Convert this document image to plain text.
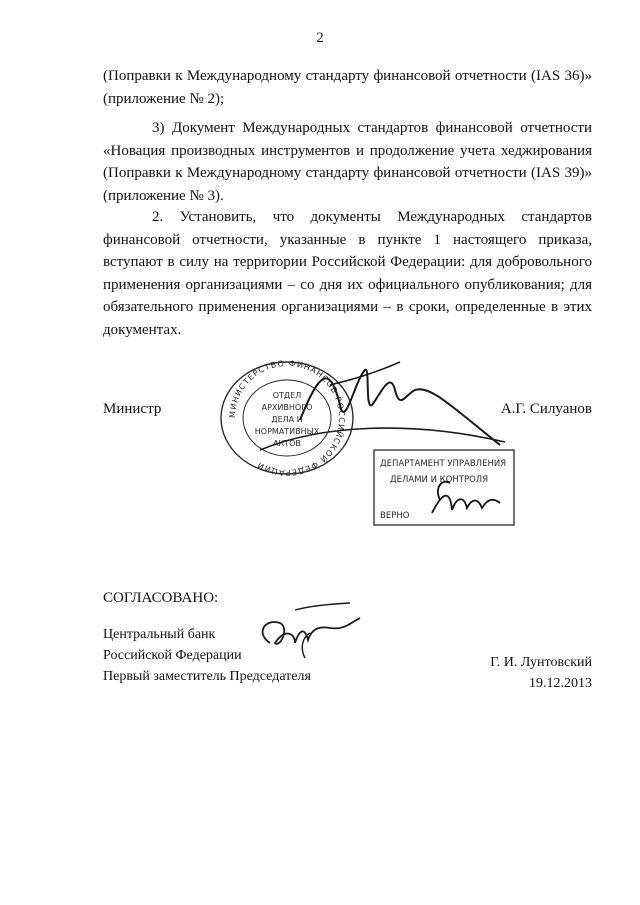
2

(Поправки к Международному стандарту финансовой отчетности (IAS 36)» (приложение № 2);

3) Документ Международных стандартов финансовой отчетности «Новация производных инструментов и продолжение учета хеджирования (Поправки к Международному стандарту финансовой отчетности (IAS 39)» (приложение № 3).

2. Установить, что документы Международных стандартов финансовой отчетности, указанные в пункте 1 настоящего приказа, вступают в силу на территории Российской Федерации: для добровольного применения организациями – со дня их официального опубликования; для обязательного применения организациями – в сроки, определенные в этих документах.

Министр	А.Г. Силуанов
МИНИСТЕРСТВО ФИНАНСОВ РОССИЙСКОЙ ФЕДЕРАЦИИ
ОТДЕЛ
АРХИВНОГО
ДЕЛА И
НОРМАТИВНЫХ
АКТОВ
ДЕПАРТАМЕНТ УПРАВЛЕНИЯ
ДЕЛАМИ И КОНТРОЛЯ
ВЕРНО
СОГЛАСОВАНО:
Центральный банк
Российской Федерации
Первый заместитель Председателя
Г. И. Лунтовский
19.12.2013
